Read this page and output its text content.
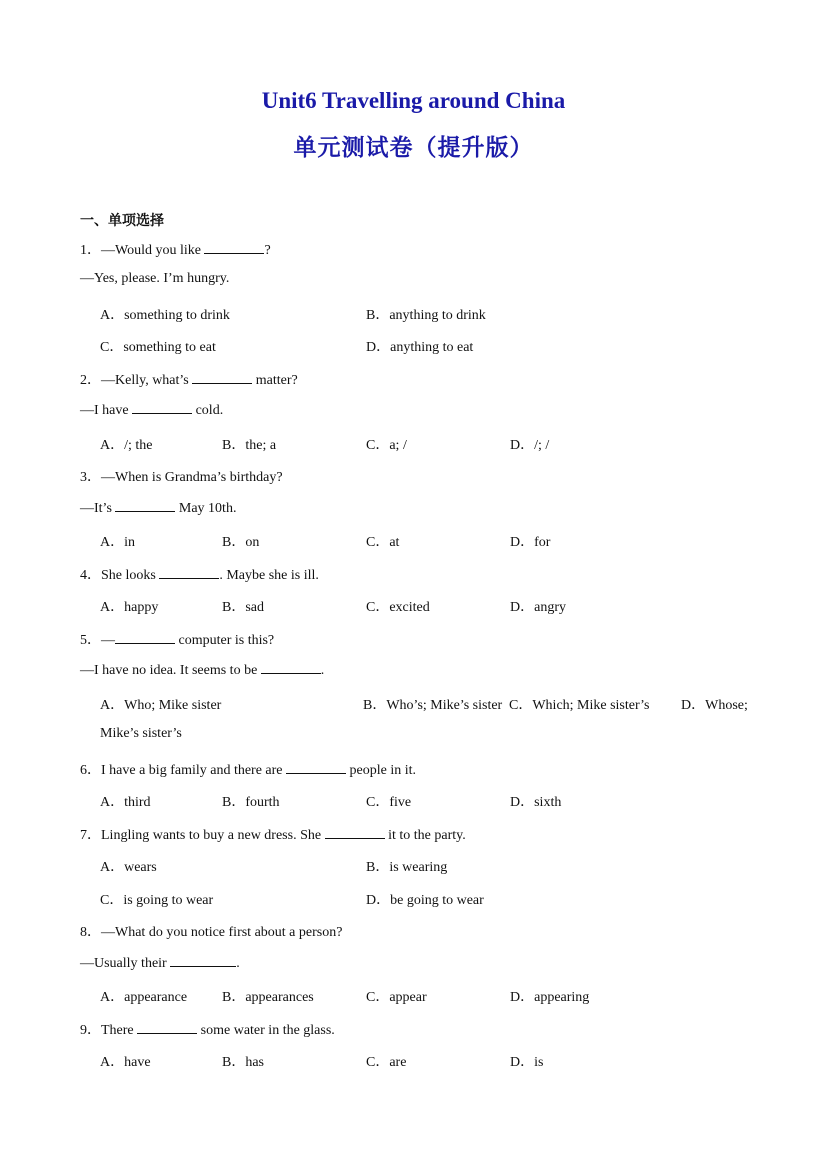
Unit6 Travelling around China
单元测试卷（提升版）
一、单项选择
1．—Would you like	?
—Yes, please. I’m hungry.
A．something to drink	B．anything to drink
C．something to eat	D．anything to eat
2．—Kelly, what’s	matter?
—I have	cold.
A．/; the	B．the; a	C．a; /	D．/; /
3．—When is Grandma’s birthday?
—It’s	May 10th.
A．in	B．on	C．at	D．for
4．She looks	. Maybe she is ill.
A．happy	B．sad	C．excited	D．angry
5．—	computer is this?
—I have no idea. It seems to be	.
A．Who; Mike sister	B．Who’s; Mike’s sister C．Which; Mike sister’s D．Whose;
Mike’s sister’s
6．I have a big family and there are	people in it.
A．third	B．fourth	C．five	D．sixth
7．Lingling wants to buy a new dress. She	it to the party.
A．wears	B．is wearing
C．is going to wear	D．be going to wear
8．—What do you notice first about a person?
—Usually their	.
A．appearance B．appearances	C．appear	D．appearing
9．There	some water in the glass.
A．have	B．has	C．are	D．is
